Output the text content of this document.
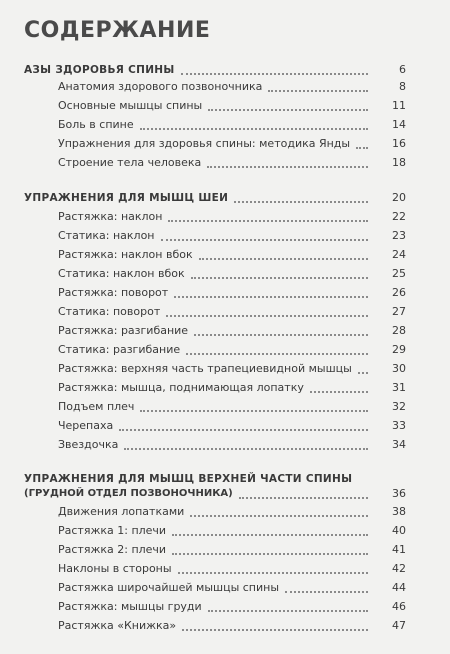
СОДЕРЖАНИЕ
АЗЫ ЗДОРОВЬЯ СПИНЫ	6
Анатомия здорового позвоночника	8
Основные мышцы спины	11
Боль в спине	14
Упражнения для здоровья спины: методика Янды	16
Строение тела человека	18
УПРАЖНЕНИЯ ДЛЯ МЫШЦ ШЕИ	20
Растяжка: наклон	22
Статика: наклон	23
Растяжка: наклон вбок	24
Статика: наклон вбок	25
Растяжка: поворот	26
Статика: поворот	27
Растяжка: разгибание	28
Статика: разгибание	29
Растяжка: верхняя часть трапециевидной мышцы	30
Растяжка: мышца, поднимающая лопатку	31
Подъем плеч	32
Черепаха	33
Звездочка	34
УПРАЖНЕНИЯ ДЛЯ МЫШЦ ВЕРХНЕЙ ЧАСТИ СПИНЫ
(ГРУДНОЙ ОТДЕЛ ПОЗВОНОЧНИКА)	36
Движения лопатками	38
Растяжка 1: плечи	40
Растяжка 2: плечи	41
Наклоны в стороны	42
Растяжка широчайшей мышцы спины	44
Растяжка: мышцы груди	46
Растяжка «Книжка»	47
